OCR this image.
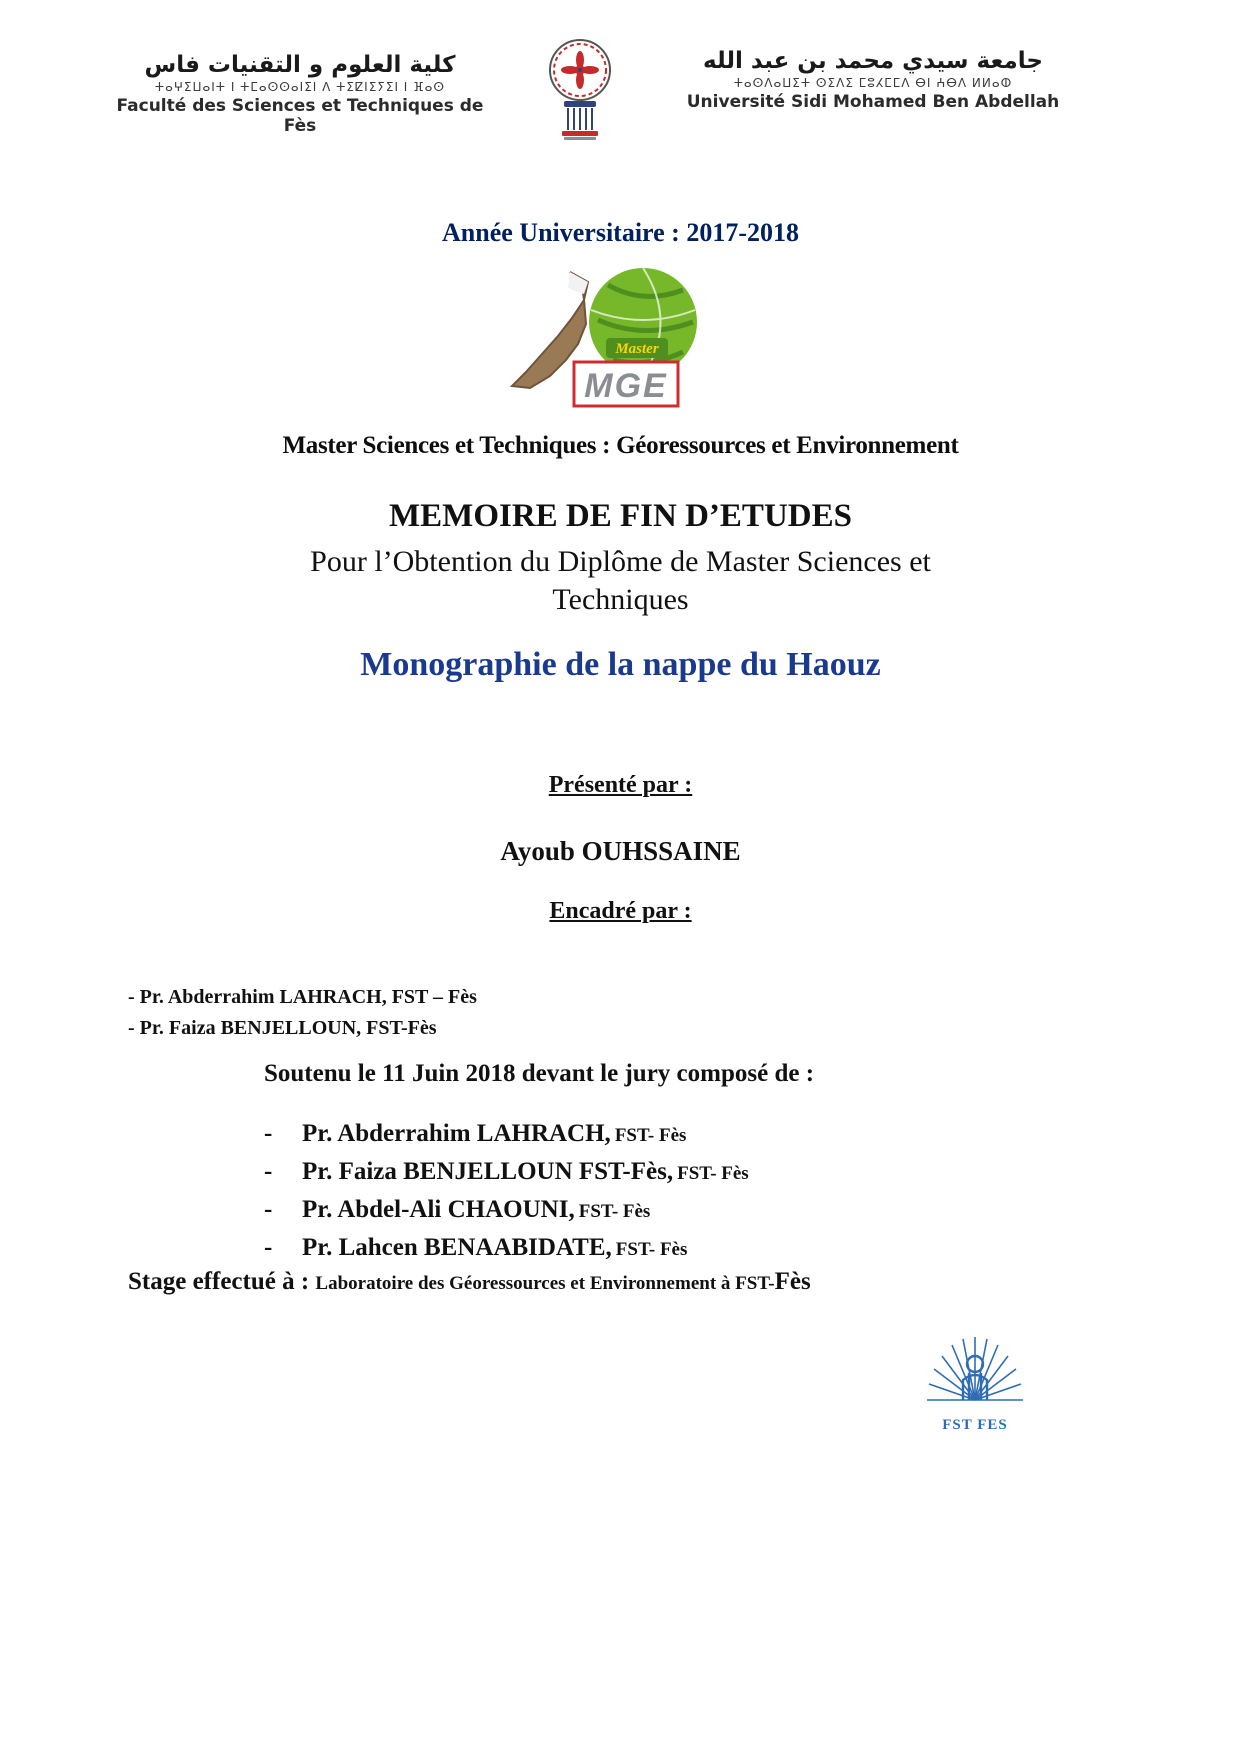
كلية العلوم و التقنيات فاس
ⵜⴰⵖⵉⵡⴰⵏⵜ ⵏ ⵜⵎⴰⵙⵙⴰⵏⵉⵏ ⴷ ⵜⵉⵇⵏⵉⵢⵉⵏ ⵏ ⴼⴰⵙ
Faculté des Sciences et Techniques de Fès
جامعة سيدي محمد بن عبد الله
ⵜⴰⵙⴷⴰⵡⵉⵜ ⵙⵉⴷⵉ ⵎⵓⵃⵎⵎⴷ ⴱⵏ ⵄⴱⴷ ⵍⵍⴰⵀ
Université Sidi Mohamed Ben Abdellah
Année Universitaire : 2017-2018
Master
MGE
Master Sciences et Techniques : Géoressources et Environnement
MEMOIRE DE FIN D’ETUDES
Pour l’Obtention du Diplôme de Master Sciences et
Techniques
Monographie de la nappe du Haouz
Présenté par :
Ayoub OUHSSAINE
Encadré par :
- Pr. Abderrahim LAHRACH, FST – Fès
- Pr. Faiza BENJELLOUN, FST-Fès
Soutenu le 11 Juin 2018 devant le jury composé de :
- Pr. Abderrahim LAHRACH, FST- Fès
- Pr. Faiza BENJELLOUN FST-Fès, FST- Fès
- Pr. Abdel-Ali CHAOUNI, FST- Fès
- Pr. Lahcen BENAABIDATE, FST- Fès
Stage effectué à : Laboratoire des Géoressources et Environnement à FST-Fès
FST FES
